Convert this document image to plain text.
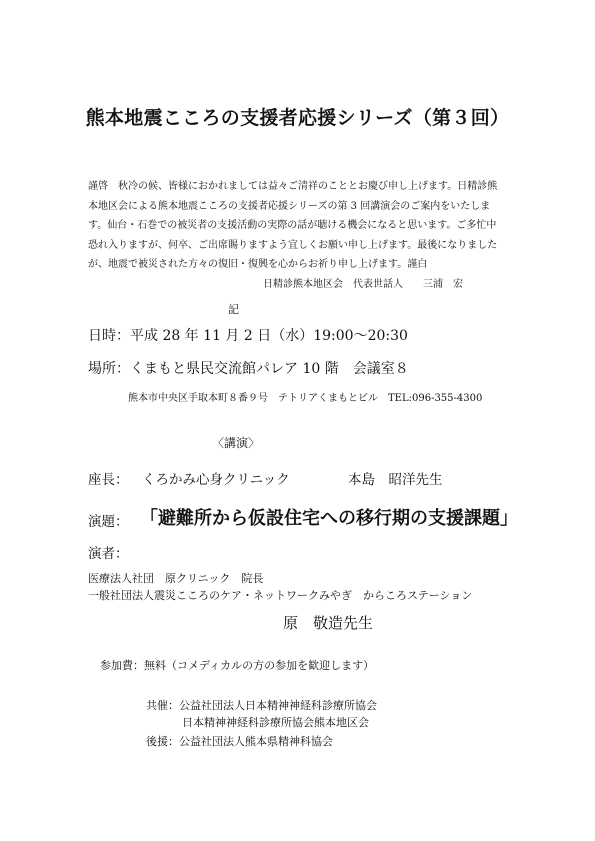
熊本地震こころの支援者応援シリーズ（第３回）
謹啓　秋冷の候、皆様におかれましては益々ご清祥のこととお慶び申し上げます。日精診熊
本地区会による熊本地震こころの支援者応援シリーズの第 3 回講演会のご案内をいたしま
す。仙台・石巻での被災者の支援活動の実際の話が聴ける機会になると思います。ご多忙中
恐れ入りますが、何卒、ご出席賜りますよう宜しくお願い申し上げます。最後になりました
が、地震で被災された方々の復旧・復興を心からお祈り申し上げます。謹白
日精診熊本地区会　代表世話人　　三浦　宏
記
日時：平成 28 年 11 月 2 日（水）19:00～20:30
場所：くまもと県民交流館パレア 10 階　会議室８
熊本市中央区手取本町８番９号　テトリアくまもとビル　TEL:096-355-4300
〈講演〉
座長： くろかみ心身クリニック	本島　昭洋先生
演題： 「避難所から仮設住宅への移行期の支援課題」
演者：
医療法人社団　原クリニック　院長
一般社団法人震災こころのケア・ネットワークみやぎ　からころステーション
原　敬造先生
参加費：無料（コメディカルの方の参加を歓迎します）
共催：公益社団法人日本精神神経科診療所協会
日本精神神経科診療所協会熊本地区会
後援：公益社団法人熊本県精神科協会
